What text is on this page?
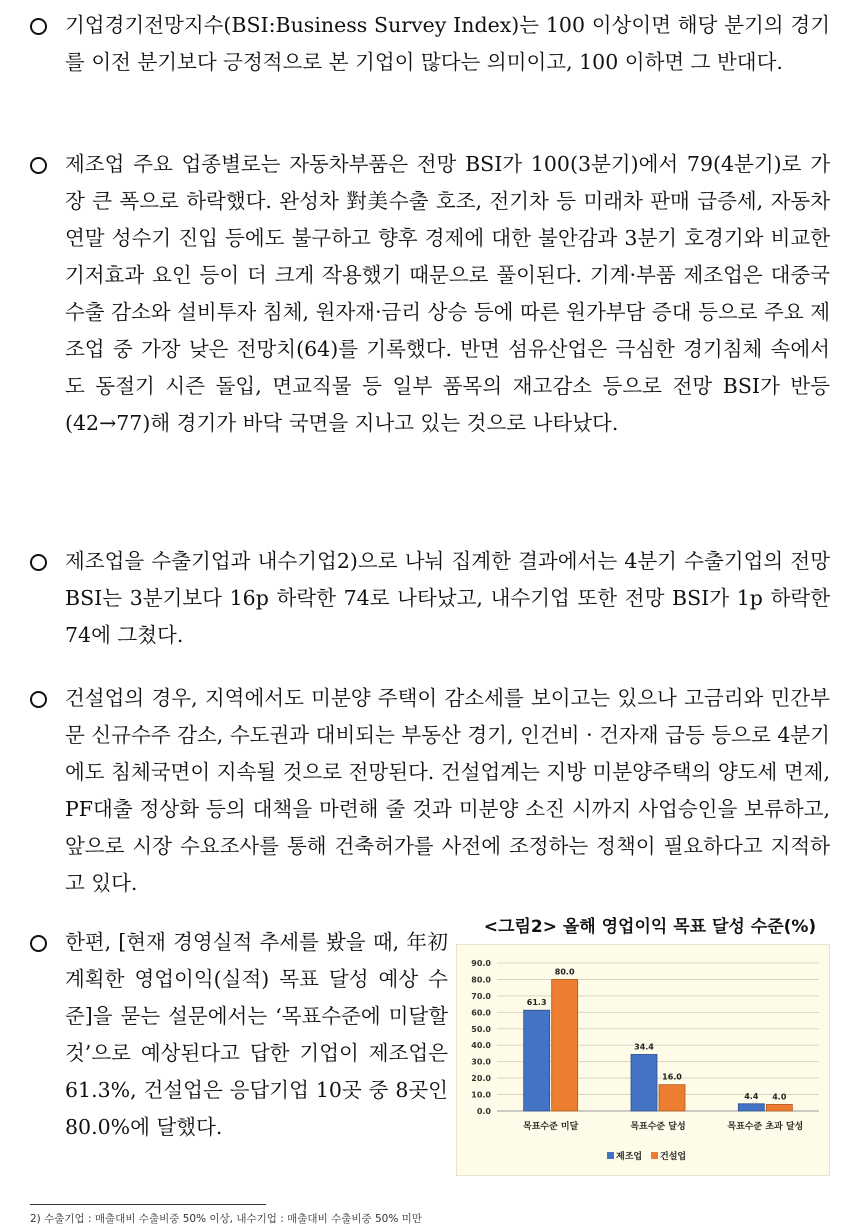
기업경기전망지수(BSI:Business Survey Index)는 100 이상이면 해당 분기의 경기를 이전 분기보다 긍정적으로 본 기업이 많다는 의미이고, 100 이하면 그 반대다.
제조업 주요 업종별로는 자동차부품은 전망 BSI가 100(3분기)에서 79(4분기)로 가장 큰 폭으로 하락했다. 완성차 對美수출 호조, 전기차 등 미래차 판매 급증세, 자동차 연말 성수기 진입 등에도 불구하고 향후 경제에 대한 불안감과 3분기 호경기와 비교한 기저효과 요인 등이 더 크게 작용했기 때문으로 풀이된다. 기계·부품 제조업은 대중국 수출 감소와 설비투자 침체, 원자재·금리 상승 등에 따른 원가부담 증대 등으로 주요 제조업 중 가장 낮은 전망치(64)를 기록했다. 반면 섬유산업은 극심한 경기침체 속에서도 동절기 시즌 돌입, 면교직물 등 일부 품목의 재고감소 등으로 전망 BSI가 반등(42→77)해 경기가 바닥 국면을 지나고 있는 것으로 나타났다.
제조업을 수출기업과 내수기업2)으로 나눠 집계한 결과에서는 4분기 수출기업의 전망 BSI는 3분기보다 16p 하락한 74로 나타났고, 내수기업 또한 전망 BSI가 1p 하락한 74에 그쳤다.
건설업의 경우, 지역에서도 미분양 주택이 감소세를 보이고는 있으나 고금리와 민간부문 신규수주 감소, 수도권과 대비되는 부동산 경기, 인건비 · 건자재 급등 등으로 4분기에도 침체국면이 지속될 것으로 전망된다. 건설업계는 지방 미분양주택의 양도세 면제, PF대출 정상화 등의 대책을 마련해 줄 것과 미분양 소진 시까지 사업승인을 보류하고, 앞으로 시장 수요조사를 통해 건축허가를 사전에 조정하는 정책이 필요하다고 지적하고 있다.
한편, [현재 경영실적 추세를 봤을 때, 年初 계획한 영업이익(실적) 목표 달성 예상 수준]을 묻는 설문에서는 ‘목표수준에 미달할 것’으로 예상된다고 답한 기업이 제조업은 61.3%, 건설업은 응답기업 10곳 중 8곳인 80.0%에 달했다.
<그림2> 올해 영업이익 목표 달성 수준(%)
0.0
10.0
20.0
30.0
40.0
50.0
60.0
70.0
80.0
90.0
61.3
80.0
목표수준 미달
34.4
16.0
목표수준 달성
4.4 4.0
목표수준 초과 달성
제조업 건설업
2) 수출기업 : 매출대비 수출비중 50% 이상, 내수기업 : 매출대비 수출비중 50% 미만
